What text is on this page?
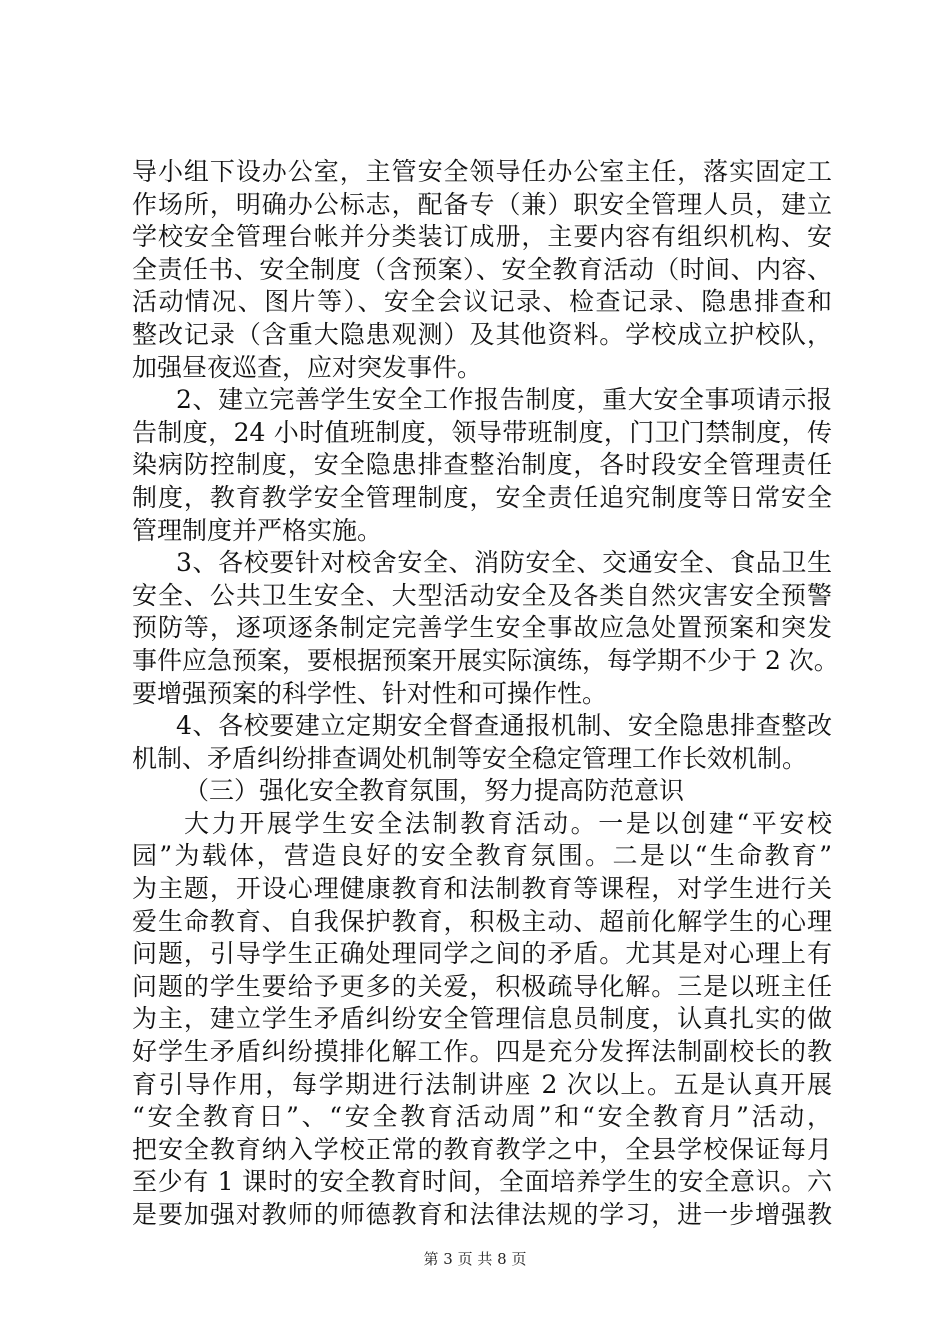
导小组下设办公室，主管安全领导任办公室主任，落实固定工
作场所，明确办公标志，配备专（兼）职安全管理人员，建立
学校安全管理台帐并分类装订成册，主要内容有组织机构、安
全责任书、安全制度（含预案）、安全教育活动（时间、内容、
活动情况、图片等）、安全会议记录、检查记录、隐患排查和
整改记录（含重大隐患观测）及其他资料。学校成立护校队，
加强昼夜巡查，应对突发事件。
2、建立完善学生安全工作报告制度，重大安全事项请示报
告制度，24 小时值班制度，领导带班制度，门卫门禁制度，传
染病防控制度，安全隐患排查整治制度，各时段安全管理责任
制度，教育教学安全管理制度，安全责任追究制度等日常安全
管理制度并严格实施。
3、各校要针对校舍安全、消防安全、交通安全、食品卫生
安全、公共卫生安全、大型活动安全及各类自然灾害安全预警
预防等，逐项逐条制定完善学生安全事故应急处置预案和突发
事件应急预案，要根据预案开展实际演练，每学期不少于 2 次。
要增强预案的科学性、针对性和可操作性。
4、各校要建立定期安全督查通报机制、安全隐患排查整改
机制、矛盾纠纷排查调处机制等安全稳定管理工作长效机制。
（三）强化安全教育氛围，努力提高防范意识
大力开展学生安全法制教育活动。一是以创建“平安校
园”为载体，营造良好的安全教育氛围。二是以“生命教育”
为主题，开设心理健康教育和法制教育等课程，对学生进行关
爱生命教育、自我保护教育，积极主动、超前化解学生的心理
问题，引导学生正确处理同学之间的矛盾。尤其是对心理上有
问题的学生要给予更多的关爱，积极疏导化解。三是以班主任
为主，建立学生矛盾纠纷安全管理信息员制度，认真扎实的做
好学生矛盾纠纷摸排化解工作。四是充分发挥法制副校长的教
育引导作用，每学期进行法制讲座 2 次以上。五是认真开展
“安全教育日”、“安全教育活动周”和“安全教育月”活动，
把安全教育纳入学校正常的教育教学之中，全县学校保证每月
至少有 1 课时的安全教育时间，全面培养学生的安全意识。六
是要加强对教师的师德教育和法律法规的学习，进一步增强教
第 3 页 共 8 页
